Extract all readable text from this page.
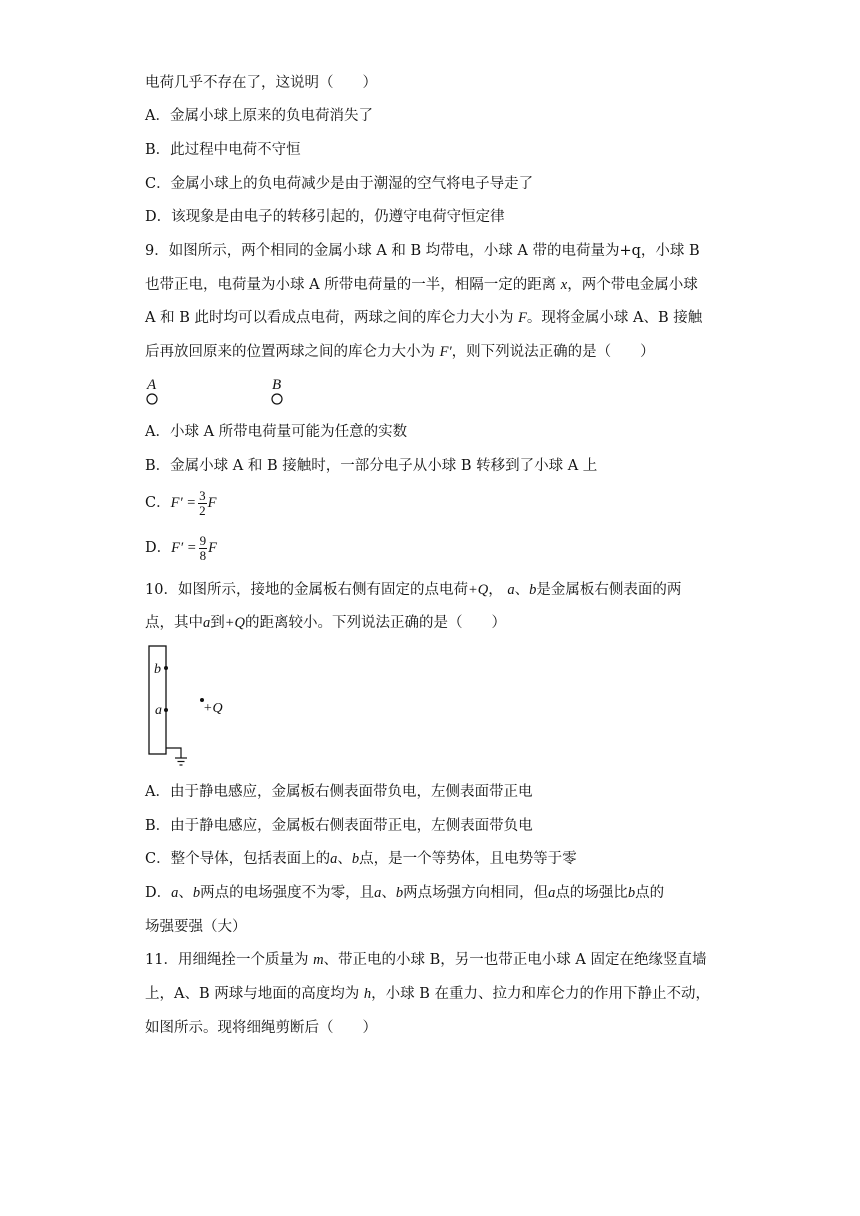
电荷几乎不存在了，这说明（　　）
A．金属小球上原来的负电荷消失了
B．此过程中电荷不守恒
C．金属小球上的负电荷减少是由于潮湿的空气将电子导走了
D．该现象是由电子的转移引起的，仍遵守电荷守恒定律
9．如图所示，两个相同的金属小球 A 和 B 均带电，小球 A 带的电荷量为+q，小球 B
也带正电，电荷量为小球 A 所带电荷量的一半，相隔一定的距离 x，两个带电金属小球
A 和 B 此时均可以看成点电荷，两球之间的库仑力大小为 F。现将金属小球 A、B 接触
后再放回原来的位置两球之间的库仑力大小为 F′，则下列说法正确的是（　　）
A	B
A．小球 A 所带电荷量可能为任意的实数
B．金属小球 A 和 B 接触时，一部分电子从小球 B 转移到了小球 A 上
C．$F' = \frac{3}{2}$ F
D．$F' = \frac{9}{8}$ F
10．如图所示，接地的金属板右侧有固定的点电荷+Q， a、b是金属板右侧表面的两
点，其中a到+Q的距离较小。下列说法正确的是（　　）
b
a	+Q
A．由于静电感应，金属板右侧表面带负电，左侧表面带正电
B．由于静电感应，金属板右侧表面带正电，左侧表面带负电
C．整个导体，包括表面上的a、b点，是一个等势体，且电势等于零
D．a、b两点的电场强度不为零，且a、b两点场强方向相同，但a点的场强比b点的
场强要强（大）
11．用细绳拴一个质量为 m、带正电的小球 B，另一也带正电小球 A 固定在绝缘竖直墙
上，A、B 两球与地面的高度均为 h，小球 B 在重力、拉力和库仑力的作用下静止不动，
如图所示。现将细绳剪断后（　　）
